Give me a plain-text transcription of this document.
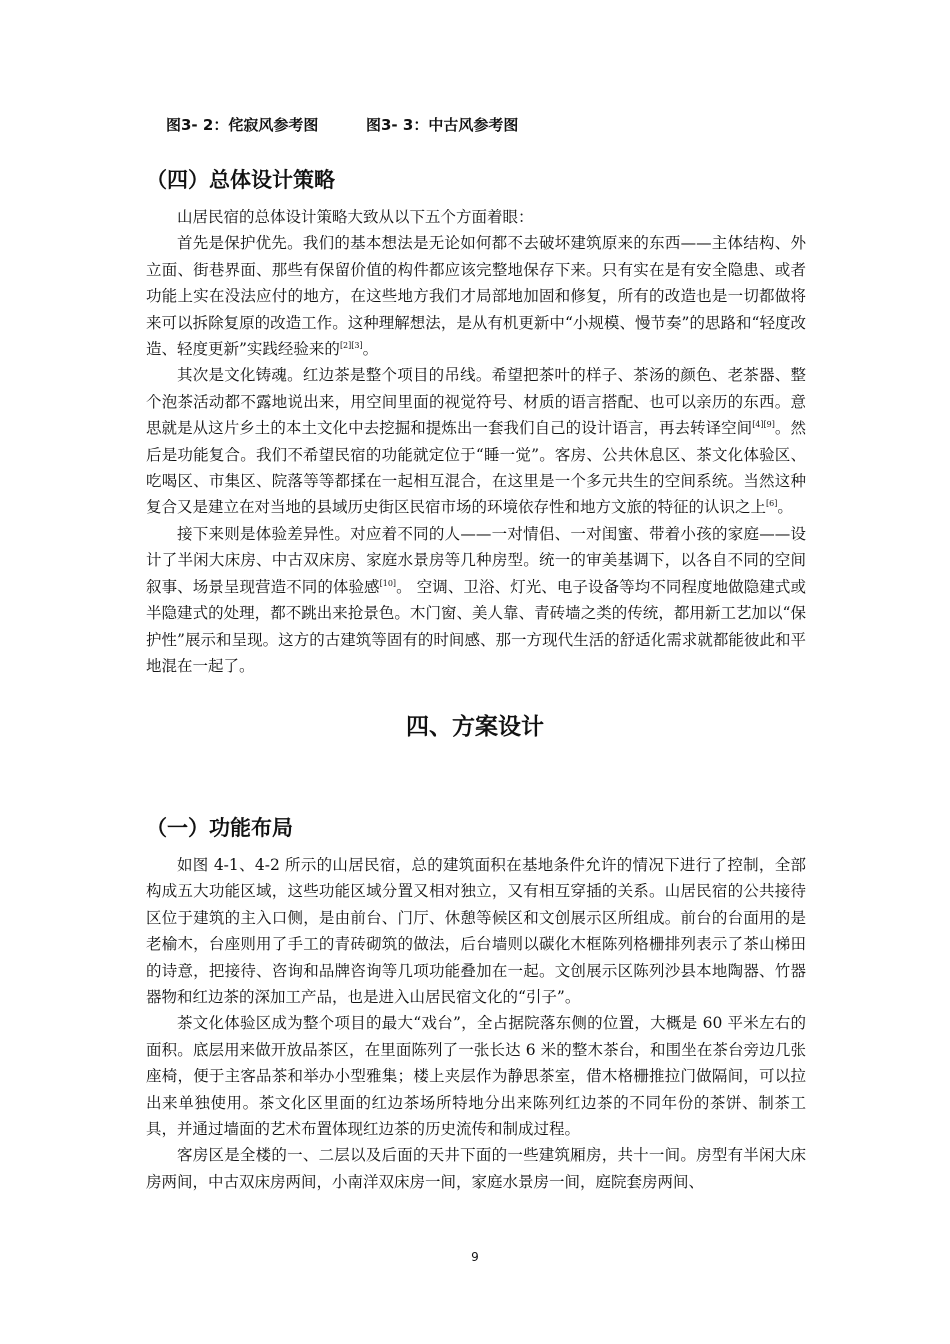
图3- 2：侘寂风参考图	图3- 3：中古风参考图
（四）总体设计策略

山居民宿的总体设计策略大致从以下五个方面着眼：

首先是保护优先。我们的基本想法是无论如何都不去破坏建筑原来的东西——主体结构、外立面、街巷界面、那些有保留价值的构件都应该完整地保存下来。只有实在是有安全隐患、或者功能上实在没法应付的地方，在这些地方我们才局部地加固和修复，所有的改造也是一切都做将来可以拆除复原的改造工作。这种理解想法，是从有机更新中“小规模、慢节奏”的思路和“轻度改造、轻度更新”实践经验来的[2][3]。

其次是文化铸魂。红边茶是整个项目的吊线。希望把茶叶的样子、茶汤的颜色、老茶器、整个泡茶活动都不露地说出来，用空间里面的视觉符号、材质的语言搭配、也可以亲历的东西。意思就是从这片乡土的本土文化中去挖掘和提炼出一套我们自己的设计语言，再去转译空间[4][9]。然后是功能复合。我们不希望民宿的功能就定位于“睡一觉”。客房、公共休息区、茶文化体验区、吃喝区、市集区、院落等等都揉在一起相互混合，在这里是一个多元共生的空间系统。当然这种复合又是建立在对当地的县域历史街区民宿市场的环境依存性和地方文旅的特征的认识之上[6]。

接下来则是体验差异性。对应着不同的人——一对情侣、一对闺蜜、带着小孩的家庭——设计了半闲大床房、中古双床房、家庭水景房等几种房型。统一的审美基调下，以各自不同的空间叙事、场景呈现营造不同的体验感[10]。 空调、卫浴、灯光、电子设备等均不同程度地做隐建式或半隐建式的处理，都不跳出来抢景色。木门窗、美人靠、青砖墙之类的传统，都用新工艺加以“保护性”展示和呈现。这方的古建筑等固有的时间感、那一方现代生活的舒适化需求就都能彼此和平地混在一起了。

四、方案设计
（一）功能布局

如图 4-1、4-2 所示的山居民宿，总的建筑面积在基地条件允许的情况下进行了控制，全部构成五大功能区域，这些功能区域分置又相对独立，又有相互穿插的关系。山居民宿的公共接待区位于建筑的主入口侧，是由前台、门厅、休憩等候区和文创展示区所组成。前台的台面用的是老榆木，台座则用了手工的青砖砌筑的做法，后台墙则以碳化木框陈列格栅排列表示了茶山梯田的诗意，把接待、咨询和品牌咨询等几项功能叠加在一起。文创展示区陈列沙县本地陶器、竹器器物和红边茶的深加工产品，也是进入山居民宿文化的“引子”。

茶文化体验区成为整个项目的最大“戏台”，全占据院落东侧的位置，大概是 60 平米左右的面积。底层用来做开放品茶区，在里面陈列了一张长达 6 米的整木茶台，和围坐在茶台旁边几张座椅，便于主客品茶和举办小型雅集；楼上夹层作为静思茶室，借木格栅推拉门做隔间，可以拉出来单独使用。茶文化区里面的红边茶场所特地分出来陈列红边茶的不同年份的茶饼、制茶工具，并通过墙面的艺术布置体现红边茶的历史流传和制成过程。

客房区是全楼的一、二层以及后面的天井下面的一些建筑厢房，共十一间。房型有半闲大床房两间，中古双床房两间，小南洋双床房一间，家庭水景房一间，庭院套房两间、

9
